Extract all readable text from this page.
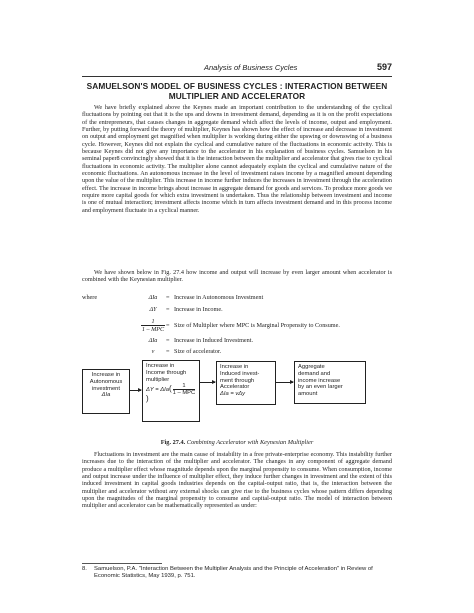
Analysis of Business Cycles	597
SAMUELSON'S MODEL OF BUSINESS CYCLES : INTERACTION BETWEEN MULTIPLIER AND ACCELERATOR

We have briefly explained above the Keynes made an important contribution to the understanding of the cyclical fluctuations by pointing out that it is the ups and downs in investment demand, depending as it is on the profit expectations of the entrepreneurs, that causes changes in aggregate demand which affect the levels of income, output and employment. Further, by putting forward the theory of multiplier, Keynes has shown how the effect of increase and decrease in investment on output and employment get magnified when multiplier is working during either the upswing or downswing of a business cycle. However, Keynes did not explain the cyclical and cumulative nature of the fluctuations in economic activity. This is because Keynes did not give any importance to the accelerator in his explanation of business cycles. Samuelson in his seminal paper8 convincingly showed that it is the interaction between the multiplier and accelerator that gives rise to cyclical fluctuations in economic activity. The multiplier alone cannot adequately explain the cyclical and cumulative nature of the economic fluctuations. An autonomous increase in the level of investment raises income by a magnified amount depending upon the value of the multiplier. This increase in income further induces the increases in investment through the acceleration effect. The increase in income brings about increase in aggregate demand for goods and services. To produce more goods we require more capital goods for which extra investment is undertaken. Thus the relationship between investment and income is one of mutual interaction; investment affects income which in turn affects investment demand and in this process income and employment fluctuate in a cyclical manner.

We have shown below in Fig. 27.4 how income and output will increase by even larger amount when accelerator is combined with the Keynesian multiplier.

where	ΔIa	= Increase in Autonomous Investment
ΔY	= Increase in Income.
1
1 – MPC
= Size of Multiplier where MPC is Marginal Propensity to Consume.
ΔIa	= Increase in Induced Investment.
v	= Size of accelerator.
Increase in
Autonomous
investment
ΔIa
Increase in
Income through
multiplier
$\Delta Y = \Delta Ia( \frac{1}{\text{1 – MPC}}$
)
Increase in
Induced invest-
ment through
Accelerator
ΔIa = vΔy
Aggregate
demand and
income increase
by an even larger
amount
Fig. 27.4. Combining Accelerator with Keynesian Multiplier

Fluctuations in investment are the main cause of instability in a free private-enterprise economy. This instability further increases due to the interaction of the multiplier and accelerator. The changes in any component of aggregate demand produce a multiplier effect whose magnitude depends upon the marginal propensity to consume. When consumption, income and output increase under the influence of multiplier effect, they induce further changes in investment and the extent of this induced investment in capital goods industries depends on the capital-output ratio, that is, the interaction between the multiplier and accelerator without any external shocks can give rise to the business cycles whose pattern differs depending upon the magnitudes of the marginal propensity to consume and capital-output ratio. The model of interaction between multiplier and accelerator can be mathematically represented as under:

8. Samuelson, P.A. "Interaction Between the Multiplier Analysis and the Principle of Acceleration" in Review of Economic Statistics, May 1939, p. 751.
